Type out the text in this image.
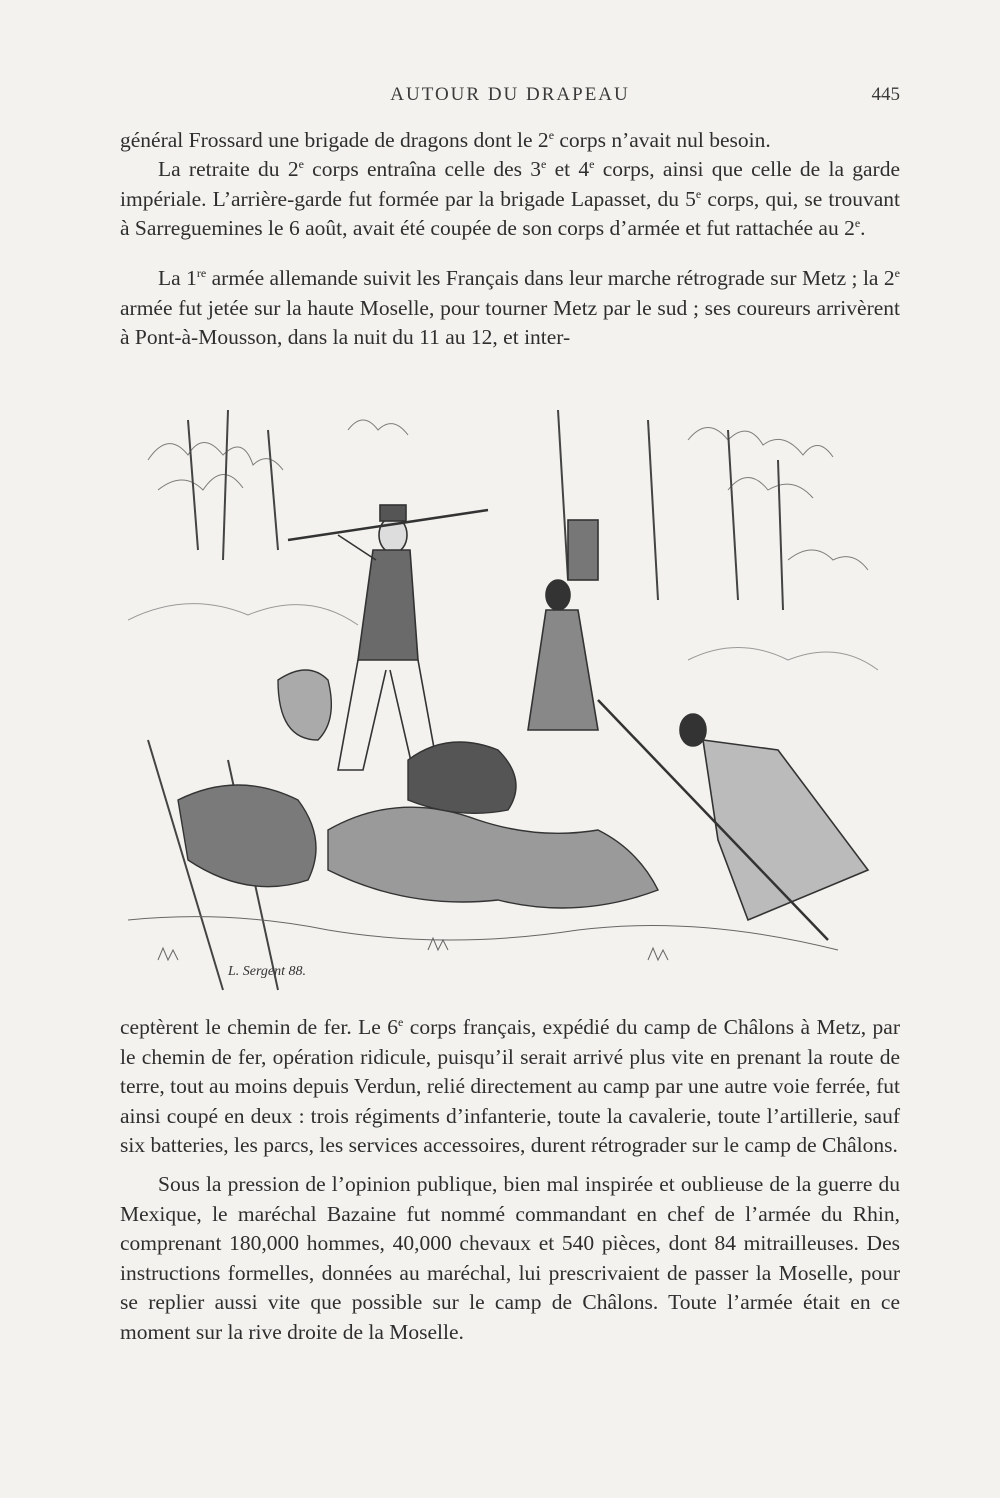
AUTOUR DU DRAPEAU	445

général Frossard une brigade de dragons dont le 2e corps n’avait nul besoin.

La retraite du 2e corps entraîna celle des 3e et 4e corps, ainsi que celle de la garde impériale. L’arrière-garde fut formée par la brigade Lapasset, du 5e corps, qui, se trouvant à Sarreguemines le 6 août, avait été coupée de son corps d’armée et fut rattachée au 2e.

La 1re armée allemande suivit les Français dans leur marche rétrograde sur Metz ; la 2e armée fut jetée sur la haute Moselle, pour tourner Metz par le sud ; ses coureurs arrivèrent à Pont-à-Mousson, dans la nuit du 11 au 12, et inter-

L. Sergent 88.

ceptèrent le chemin de fer. Le 6e corps français, expédié du camp de Châlons à Metz, par le chemin de fer, opération ridicule, puisqu’il serait arrivé plus vite en prenant la route de terre, tout au moins depuis Verdun, relié directement au camp par une autre voie ferrée, fut ainsi coupé en deux : trois régiments d’infanterie, toute la cavalerie, toute l’artillerie, sauf six batteries, les parcs, les services accessoires, durent rétrograder sur le camp de Châlons.

Sous la pression de l’opinion publique, bien mal inspirée et oublieuse de la guerre du Mexique, le maréchal Bazaine fut nommé commandant en chef de l’armée du Rhin, comprenant 180,000 hommes, 40,000 chevaux et 540 pièces, dont 84 mitrailleuses. Des instructions formelles, données au maréchal, lui prescrivaient de passer la Moselle, pour se replier aussi vite que possible sur le camp de Châlons. Toute l’armée était en ce moment sur la rive droite de la Moselle.
